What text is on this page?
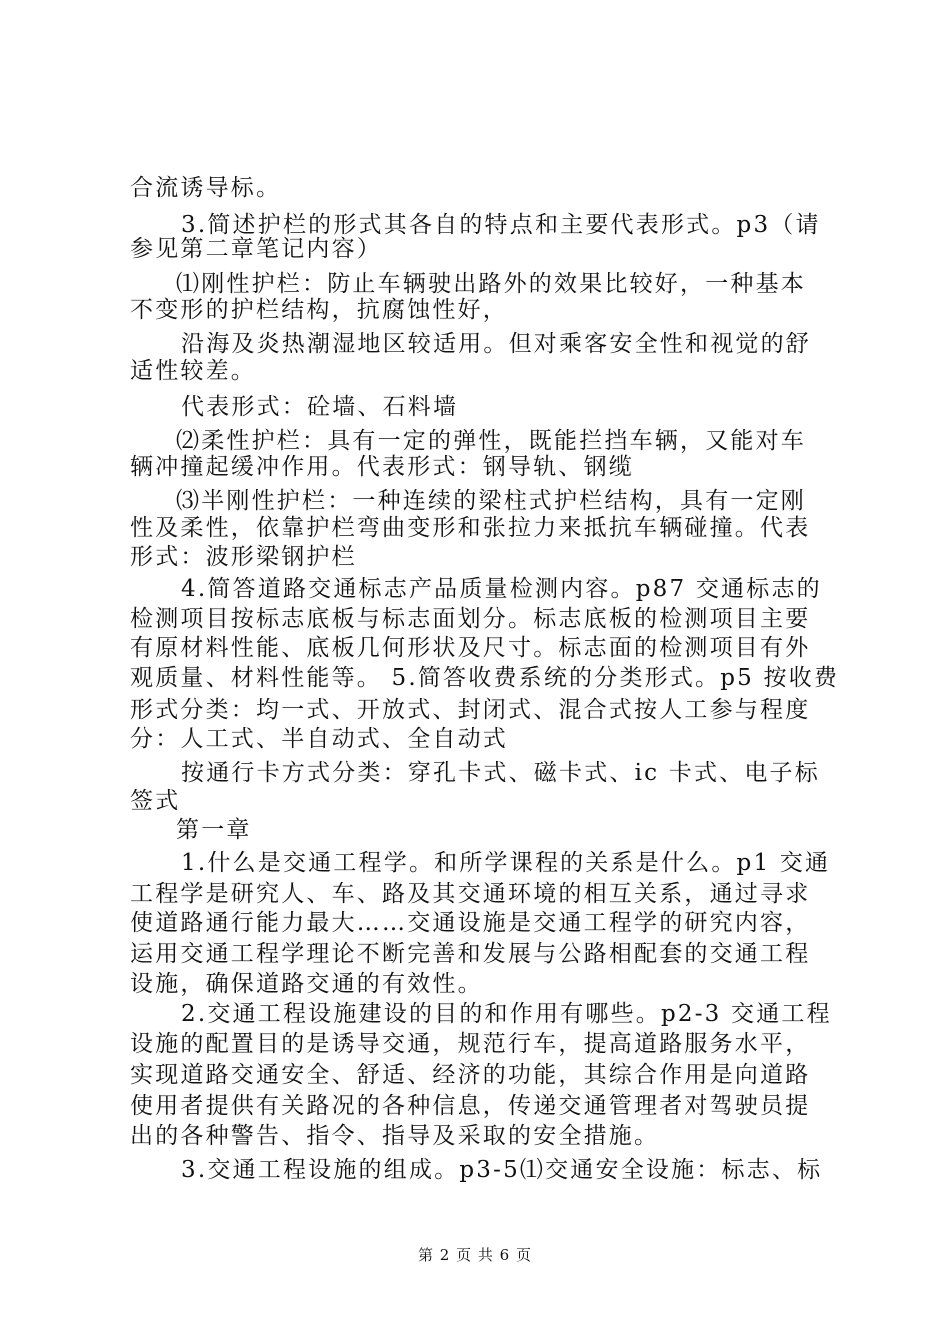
合流诱导标。
3.简述护栏的形式其各自的特点和主要代表形式。p3（请
参见第二章笔记内容）
⑴刚性护栏：防止车辆驶出路外的效果比较好，一种基本
不变形的护栏结构，抗腐蚀性好，
沿海及炎热潮湿地区较适用。但对乘客安全性和视觉的舒
适性较差。
代表形式：砼墙、石料墙
⑵柔性护栏：具有一定的弹性，既能拦挡车辆，又能对车
辆冲撞起缓冲作用。代表形式：钢导轨、钢缆
⑶半刚性护栏：一种连续的梁柱式护栏结构，具有一定刚
性及柔性，依靠护栏弯曲变形和张拉力来抵抗车辆碰撞。代表
形式：波形梁钢护栏
4.简答道路交通标志产品质量检测内容。p87 交通标志的
检测项目按标志底板与标志面划分。标志底板的检测项目主要
有原材料性能、底板几何形状及尺寸。标志面的检测项目有外
观质量、材料性能等。 5.简答收费系统的分类形式。p5 按收费
形式分类：均一式、开放式、封闭式、混合式按人工参与程度
分：人工式、半自动式、全自动式
按通行卡方式分类：穿孔卡式、磁卡式、ic 卡式、电子标
签式
第一章
1.什么是交通工程学。和所学课程的关系是什么。p1 交通
工程学是研究人、车、路及其交通环境的相互关系，通过寻求
使道路通行能力最大……交通设施是交通工程学的研究内容，
运用交通工程学理论不断完善和发展与公路相配套的交通工程
设施，确保道路交通的有效性。
2.交通工程设施建设的目的和作用有哪些。p2-3 交通工程
设施的配置目的是诱导交通，规范行车，提高道路服务水平，
实现道路交通安全、舒适、经济的功能，其综合作用是向道路
使用者提供有关路况的各种信息，传递交通管理者对驾驶员提
出的各种警告、指令、指导及采取的安全措施。
3.交通工程设施的组成。p3-5⑴交通安全设施：标志、标
第 2 页 共 6 页
